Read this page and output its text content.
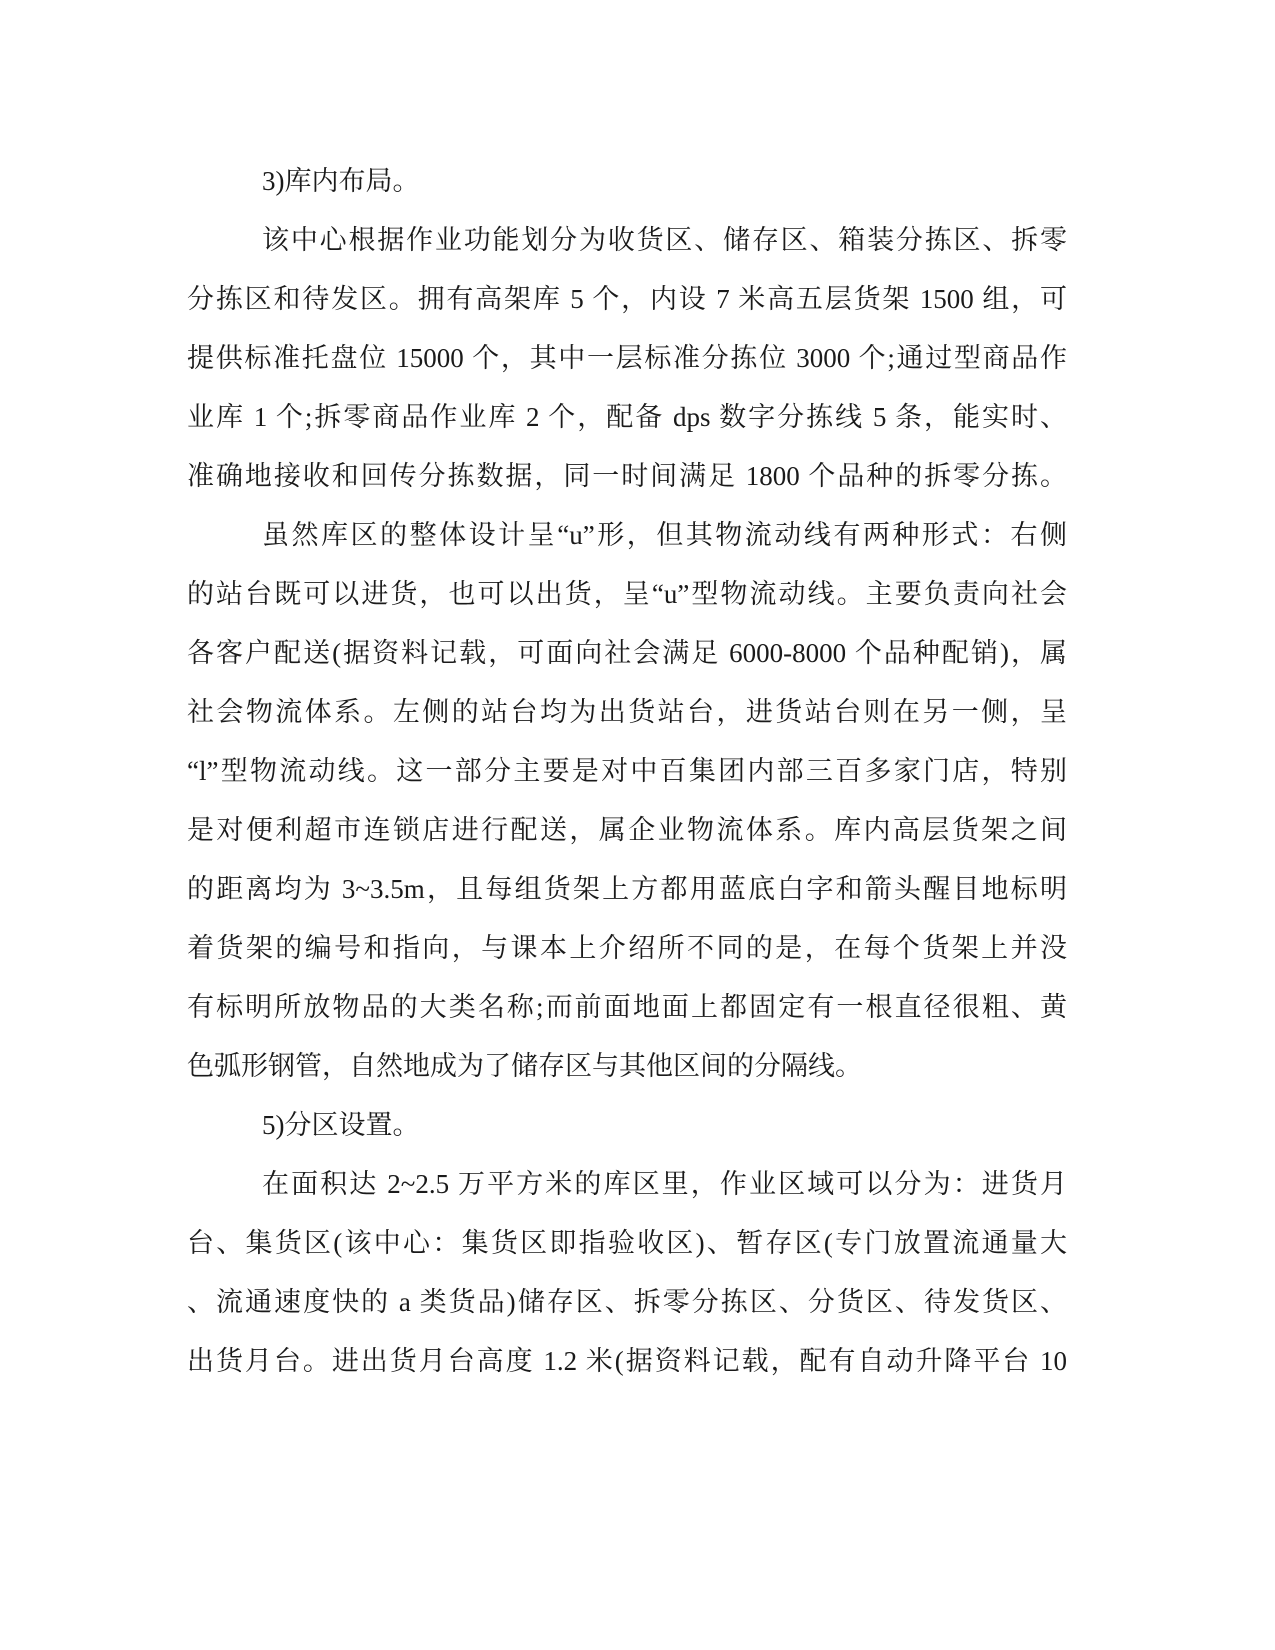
3)库内布局。
该中心根据作业功能划分为收货区、储存区、箱装分拣区、拆零
分拣区和待发区。拥有高架库 5 个，内设 7 米高五层货架 1500 组，可
提供标准托盘位 15000 个，其中一层标准分拣位 3000 个;通过型商品作
业库 1 个;拆零商品作业库 2 个，配备 dps 数字分拣线 5 条，能实时、
准确地接收和回传分拣数据，同一时间满足 1800 个品种的拆零分拣。
虽然库区的整体设计呈“u”形，但其物流动线有两种形式：右侧
的站台既可以进货，也可以出货，呈“u”型物流动线。主要负责向社会
各客户配送(据资料记载，可面向社会满足 6000-8000 个品种配销)，属
社会物流体系。左侧的站台均为出货站台，进货站台则在另一侧，呈
“l”型物流动线。这一部分主要是对中百集团内部三百多家门店，特别
是对便利超市连锁店进行配送，属企业物流体系。库内高层货架之间
的距离均为 3~3.5m，且每组货架上方都用蓝底白字和箭头醒目地标明
着货架的编号和指向，与课本上介绍所不同的是，在每个货架上并没
有标明所放物品的大类名称;而前面地面上都固定有一根直径很粗、黄
色弧形钢管，自然地成为了储存区与其他区间的分隔线。
5)分区设置。
在面积达 2~2.5 万平方米的库区里，作业区域可以分为：进货月
台、集货区(该中心：集货区即指验收区)、暂存区(专门放置流通量大
、流通速度快的 a 类货品)储存区、拆零分拣区、分货区、待发货区、
出货月台。进出货月台高度 1.2 米(据资料记载，配有自动升降平台 10
